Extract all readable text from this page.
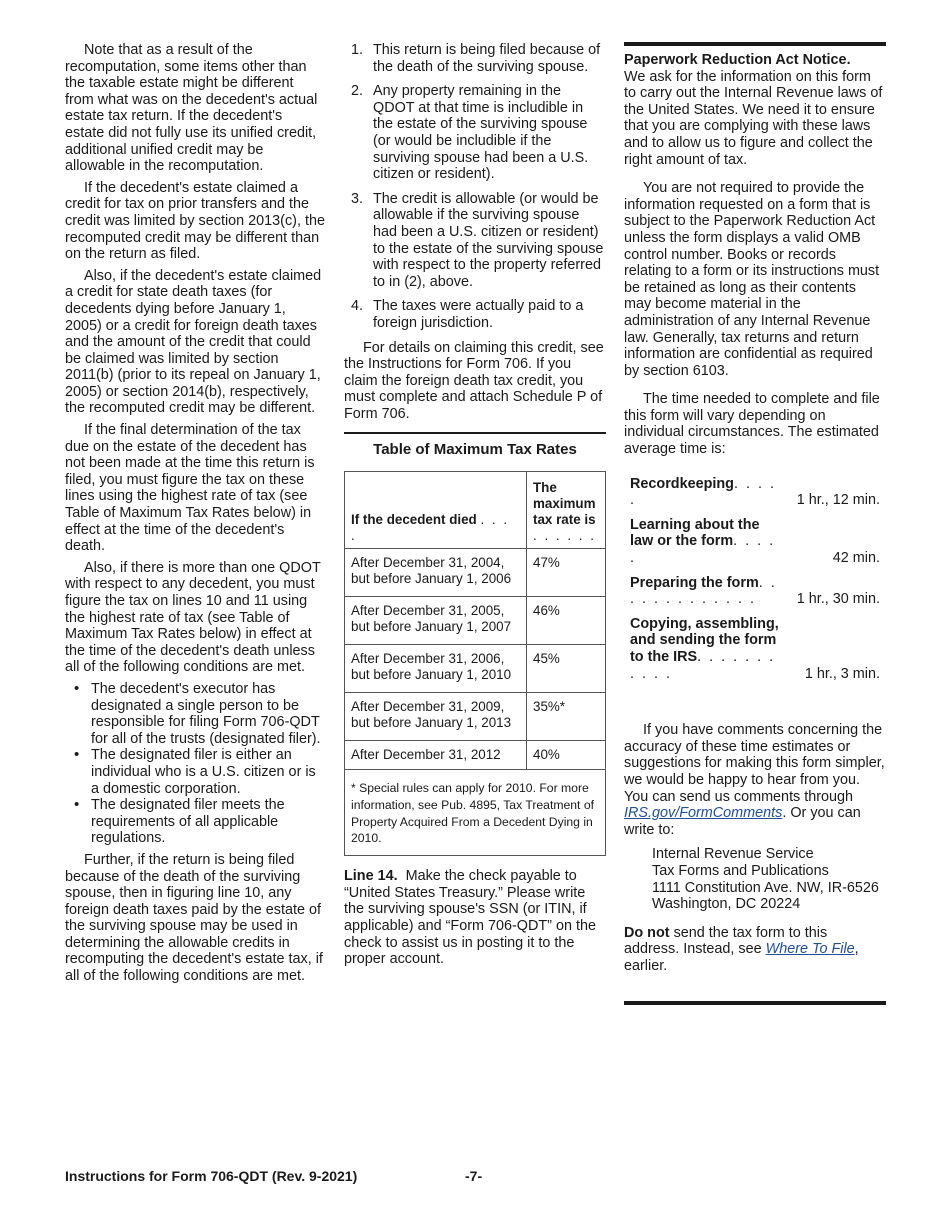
Note that as a result of the recomputation, some items other than the taxable estate might be different from what was on the decedent's actual estate tax return. If the decedent's estate did not fully use its unified credit, additional unified credit may be allowable in the recomputation.

If the decedent's estate claimed a credit for tax on prior transfers and the credit was limited by section 2013(c), the recomputed credit may be different than on the return as filed.

Also, if the decedent's estate claimed a credit for state death taxes (for decedents dying before January 1, 2005) or a credit for foreign death taxes and the amount of the credit that could be claimed was limited by section 2011(b) (prior to its repeal on January 1, 2005) or section 2014(b), respectively, the recomputed credit may be different.

If the final determination of the tax due on the estate of the decedent has not been made at the time this return is filed, you must figure the tax on these lines using the highest rate of tax (see Table of Maximum Tax Rates below) in effect at the time of the decedent's death.

Also, if there is more than one QDOT with respect to any decedent, you must figure the tax on lines 10 and 11 using the highest rate of tax (see Table of Maximum Tax Rates below) in effect at the time of the decedent's death unless all of the following conditions are met.

• The decedent's executor has designated a single person to be responsible for filing Form 706-QDT for all of the trusts (designated filer).
• The designated filer is either an individual who is a U.S. citizen or is a domestic corporation.
• The designated filer meets the requirements of all applicable regulations.

Further, if the return is being filed because of the death of the surviving spouse, then in figuring line 10, any foreign death taxes paid by the estate of the surviving spouse may be used in determining the allowable credits in recomputing the decedent's estate tax, if all of the following conditions are met.

1. This return is being filed because of the death of the surviving spouse.
2. Any property remaining in the QDOT at that time is includible in the estate of the surviving spouse (or would be includible if the surviving spouse had been a U.S. citizen or resident).
3. The credit is allowable (or would be allowable if the surviving spouse had been a U.S. citizen or resident) to the estate of the surviving spouse with respect to the property referred to in (2), above.
4. The taxes were actually paid to a foreign jurisdiction.

For details on claiming this credit, see the Instructions for Form 706. If you claim the foreign death tax credit, you must complete and attach Schedule P of Form 706.

Table of Maximum Tax Rates
If the decedent died . . . .	The maximum tax rate is . . . . . .
After December 31, 2004, but before January 1, 2006	47%
After December 31, 2005, but before January 1, 2007	46%
After December 31, 2006, but before January 1, 2010	45%
After December 31, 2009, but before January 1, 2013	35%*
After December 31, 2012	40%
* Special rules can apply for 2010. For more information, see Pub. 4895, Tax Treatment of Property Acquired From a Decedent Dying in 2010.	

Line 14. Make the check payable to “United States Treasury.” Please write the surviving spouse's SSN (or ITIN, if applicable) and “Form 706-QDT” on the check to assist us in posting it to the proper account.

Paperwork Reduction Act Notice.
We ask for the information on this form to carry out the Internal Revenue laws of the United States. We need it to ensure that you are complying with these laws and to allow us to figure and collect the right amount of tax.

You are not required to provide the information requested on a form that is subject to the Paperwork Reduction Act unless the form displays a valid OMB control number. Books or records relating to a form or its instructions must be retained as long as their contents may become material in the administration of any Internal Revenue law. Generally, tax returns and return information are confidential as required by section 6103.

The time needed to complete and file this form will vary depending on individual circumstances. The estimated average time is:

Recordkeeping. . . . .	1 hr., 12 min.
Learning about the law or the form. . . . .	42 min.
Preparing the form. . . . . . . . . . . . .	1 hr., 30 min.
Copying, assembling, and sending the form to the IRS. . . . . . . . . . .	1 hr., 3 min.

If you have comments concerning the accuracy of these time estimates or suggestions for making this form simpler, we would be happy to hear from you. You can send us comments through IRS.gov/FormComments. Or you can write to:

Internal Revenue Service
Tax Forms and Publications
1111 Constitution Ave. NW, IR-6526
Washington, DC 20224

Do not send the tax form to this address. Instead, see Where To File, earlier.

Instructions for Form 706-QDT (Rev. 9-2021)	-7-
